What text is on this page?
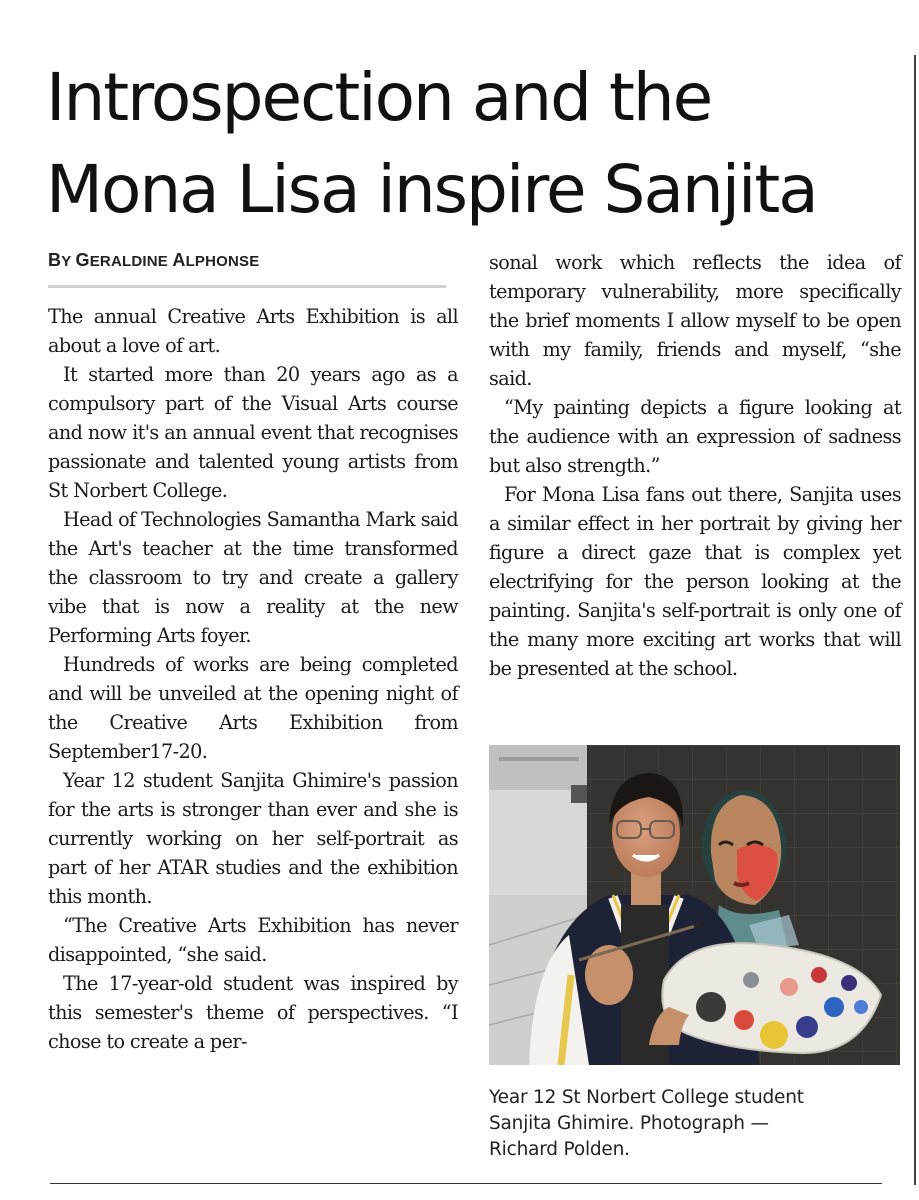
Introspection and the
Mona Lisa inspire Sanjita
BY GERALDINE ALPHONSE

The annual Creative Arts Exhibition is all about a love of art.

It started more than 20 years ago as a compulsory part of the Visual Arts course and now it's an annual event that recognises passionate and talented young artists from St Norbert College.

Head of Technologies Samantha Mark said the Art's teacher at the time transformed the classroom to try and create a gallery vibe that is now a reality at the new Performing Arts foyer.

Hundreds of works are being completed and will be unveiled at the opening night of the Creative Arts Exhibition from September17-20.

Year 12 student Sanjita Ghimire's passion for the arts is stronger than ever and she is currently working on her self-portrait as part of her ATAR studies and the exhibition this month.

“The Creative Arts Exhibition has never disappointed, “she said.

The 17-year-old student was inspired by this semester's theme of perspectives. “I chose to create a per-

sonal work which reflects the idea of temporary vulnerability, more specifically the brief moments I allow myself to be open with my family, friends and myself, “she said.

“My painting depicts a figure looking at the audience with an expression of sadness but also strength.”

For Mona Lisa fans out there, Sanjita uses a similar effect in her portrait by giving her figure a direct gaze that is complex yet electrifying for the person looking at the painting. Sanjita's self-portrait is only one of the many more exciting art works that will be presented at the school.

Year 12 St Norbert College student

Sanjita Ghimire. Photograph —

Richard Polden.
